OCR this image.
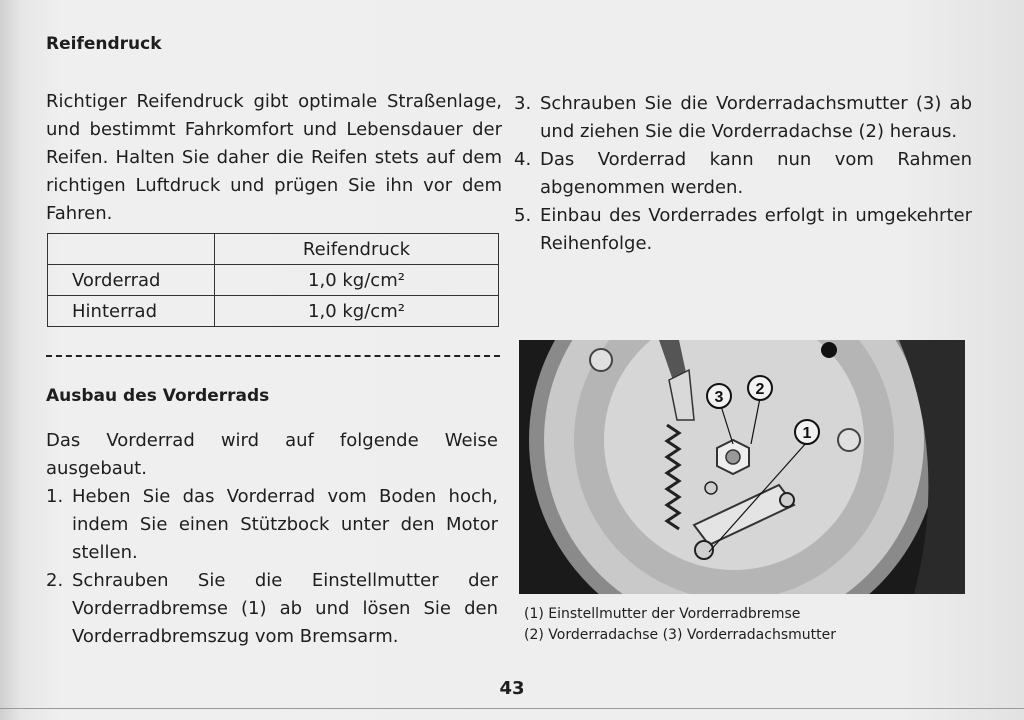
Reifendruck

Richtiger Reifendruck gibt optimale Straßenlage, und bestimmt Fahrkomfort und Lebensdauer der Reifen. Halten Sie daher die Reifen stets auf dem richtigen Luftdruck und prügen Sie ihn vor dem Fahren.

	Reifendruck
Vorderrad	1,0 kg/cm²
Hinterrad	1,0 kg/cm²
Ausbau des Vorderrads

Das Vorderrad wird auf folgende Weise ausgebaut.

1. Heben Sie das Vorderrad vom Boden hoch, indem Sie einen Stützbock unter den Motor stellen.
2. Schrauben Sie die Einstellmutter der Vorderradbremse (1) ab und lösen Sie den Vorderradbremszug vom Bremsarm.
3. Schrauben Sie die Vorderradachsmutter (3) ab und ziehen Sie die Vorderradachse (2) heraus.
4. Das Vorderrad kann nun vom Rahmen abgenommen werden.
5. Einbau des Vorderrades erfolgt in umgekehrter Reihenfolge.
3 2
1
(1) Einstellmutter der Vorderradbremse
(2) Vorderradachse (3) Vorderradachsmutter
43
